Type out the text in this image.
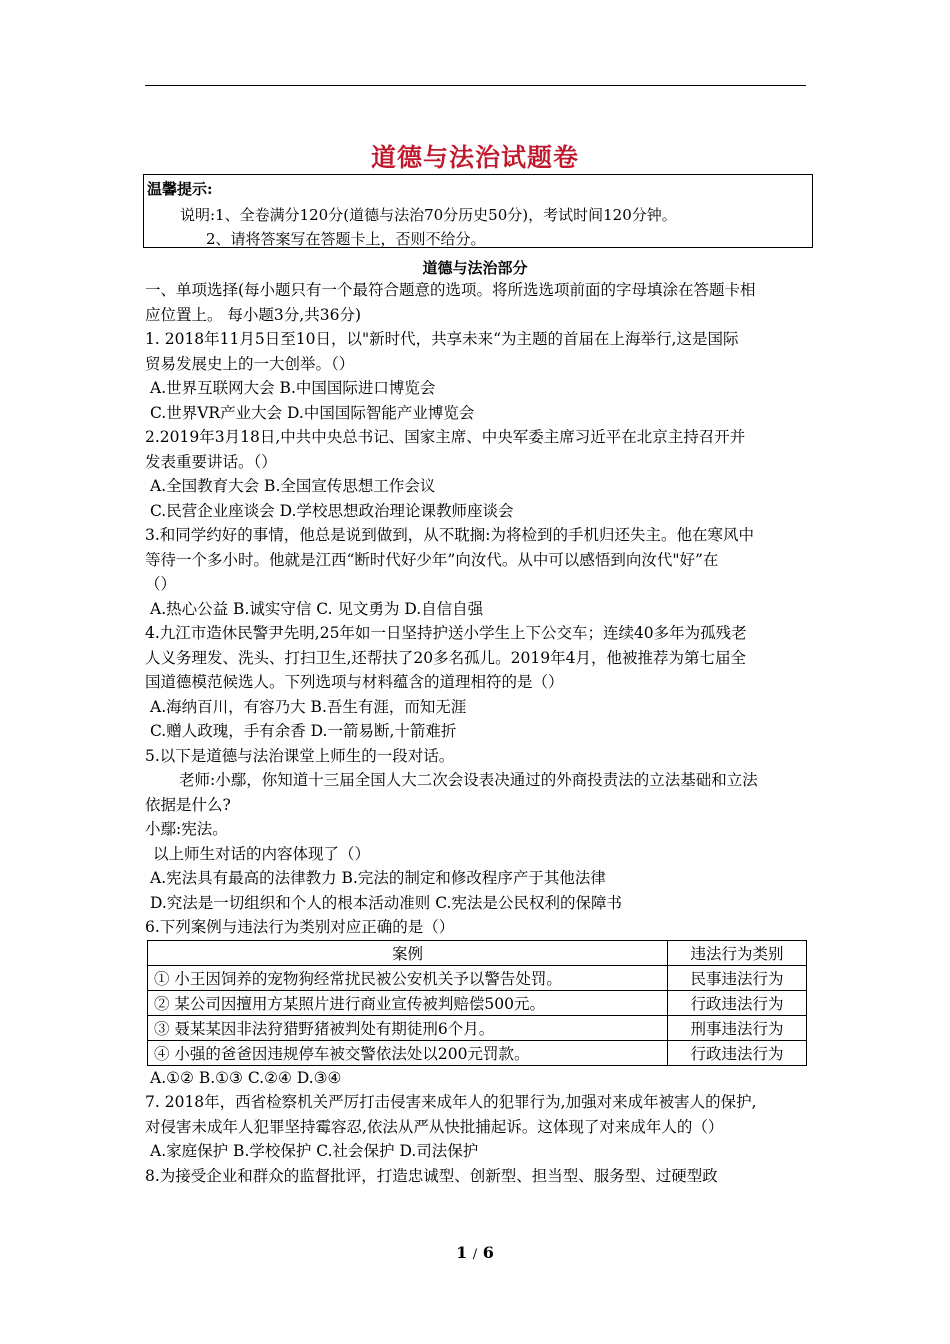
道德与法治试题卷
温馨提示:
说明:1、全卷满分120分(道德与法治70分历史50分)，考试时间120分钟。
2、请将答案写在答题卡上，否则不给分。
道德与法治部分
一、单项选择(每小题只有一个最符合题意的选项。将所选选项前面的字母填涂在答题卡相
应位置上。 每小题3分,共36分)
1. 2018年11月5日至10日，以"新时代，共享未来“为主题的首届在上海举行,这是国际
贸易发展史上的一大创举。（）
A.世界互联网大会 B.中国国际进口博览会
C.世界VR产业大会 D.中国国际智能产业博览会
2.2019年3月18日,中共中央总书记、国家主席、中央军委主席习近平在北京主持召开并
发表重要讲话。（）
A.全国教育大会 B.全国宣传思想工作会议
C.民营企业座谈会 D.学校思想政治理论课教师座谈会
3.和同学约好的事情，他总是说到做到，从不耽搁:为将检到的手机归还失主。他在寒风中
等待一个多小时。他就是江西“断时代好少年”向汝代。从中可以感悟到向汝代"好”在
（）
A.热心公益 B.诚实守信 C. 见文勇为 D.自信自强
4.九江市造休民警尹先明,25年如一日坚持护送小学生上下公交车；连续40多年为孤残老
人义务理发、洗头、打扫卫生,还帮扶了20多名孤儿。2019年4月，他被推荐为第七届全
国道德模范候选人。下列选项与材料蕴含的道理相符的是（）
A.海纳百川，有容乃大 B.吾生有涯，而知无涯
C.赠人政瑰，手有余香 D.一箭易断,十箭难折
5.以下是道德与法治课堂上师生的一段对话。
老师:小鄢，你知道十三届全国人大二次会设表决通过的外商投责法的立法基础和立法
依据是什么?
小鄢:宪法。
以上师生对话的内容体现了（）
A.宪法具有最高的法律教力 B.完法的制定和修改程序产于其他法律
D.究法是一切组织和个人的根本活动准则 C.宪法是公民权利的保障书
6.下列案例与违法行为类别对应正确的是（）
案例	违法行为类别
① 小王因饲养的宠物狗经常扰民被公安机关予以警告处罚。	民事违法行为
② 某公司因擅用方某照片进行商业宣传被判赔偿500元。	行政违法行为
③ 聂某某因非法狩猎野猪被判处有期徒刑6个月。	刑事违法行为
④ 小强的爸爸因违规停车被交警依法处以200元罚款。	行政违法行为
A.①② B.①③ C.②④ D.③④
7. 2018年，西省检察机关严厉打击侵害来成年人的犯罪行为,加强对来成年被害人的保护,
对侵害未成年人犯罪坚持霉容忍,依法从严从快批捕起诉。这体现了对来成年人的（）
A.家庭保护 B.学校保护 C.社会保护 D.司法保护
8.为接受企业和群众的监督批评，打造忠诚型、创新型、担当型、服务型、过硬型政
1 / 6
